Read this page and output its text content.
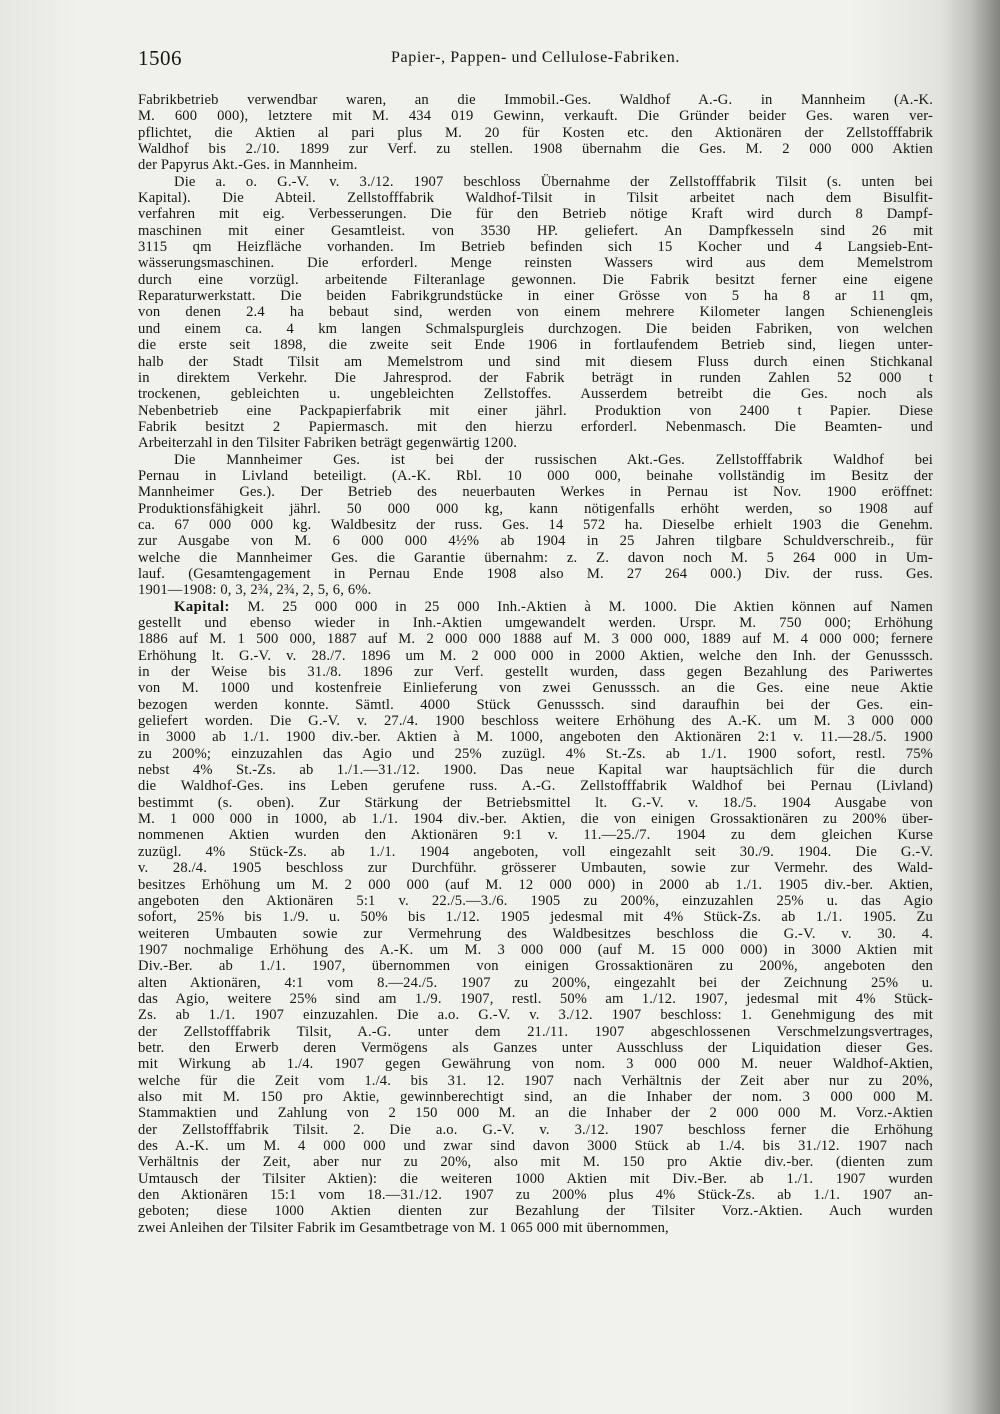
1506	Papier-, Pappen- und Cellulose-Fabriken.
Fabrikbetrieb verwendbar waren, an die Immobil.-Ges. Waldhof A.-G. in Mannheim (A.-K.
M. 600 000), letztere mit M. 434 019 Gewinn, verkauft. Die Gründer beider Ges. waren ver-
pflichtet, die Aktien al pari plus M. 20 für Kosten etc. den Aktionären der Zellstofffabrik
Waldhof bis 2./10. 1899 zur Verf. zu stellen. 1908 übernahm die Ges. M. 2 000 000 Aktien
der Papyrus Akt.-Ges. in Mannheim.
Die a. o. G.-V. v. 3./12. 1907 beschloss Übernahme der Zellstofffabrik Tilsit (s. unten bei
Kapital). Die Abteil. Zellstofffabrik Waldhof-Tilsit in Tilsit arbeitet nach dem Bisulfit-
verfahren mit eig. Verbesserungen. Die für den Betrieb nötige Kraft wird durch 8 Dampf-
maschinen mit einer Gesamtleist. von 3530 HP. geliefert. An Dampfkesseln sind 26 mit
3115 qm Heizfläche vorhanden. Im Betrieb befinden sich 15 Kocher und 4 Langsieb-Ent-
wässerungsmaschinen. Die erforderl. Menge reinsten Wassers wird aus dem Memelstrom
durch eine vorzügl. arbeitende Filteranlage gewonnen. Die Fabrik besitzt ferner eine eigene
Reparaturwerkstatt. Die beiden Fabrikgrundstücke in einer Grösse von 5 ha 8 ar 11 qm,
von denen 2.4 ha bebaut sind, werden von einem mehrere Kilometer langen Schienengleis
und einem ca. 4 km langen Schmalspurgleis durchzogen. Die beiden Fabriken, von welchen
die erste seit 1898, die zweite seit Ende 1906 in fortlaufendem Betrieb sind, liegen unter-
halb der Stadt Tilsit am Memelstrom und sind mit diesem Fluss durch einen Stichkanal
in direktem Verkehr. Die Jahresprod. der Fabrik beträgt in runden Zahlen 52 000 t
trockenen, gebleichten u. ungebleichten Zellstoffes. Ausserdem betreibt die Ges. noch als
Nebenbetrieb eine Packpapierfabrik mit einer jährl. Produktion von 2400 t Papier. Diese
Fabrik besitzt 2 Papiermasch. mit den hierzu erforderl. Nebenmasch. Die Beamten- und
Arbeiterzahl in den Tilsiter Fabriken beträgt gegenwärtig 1200.
Die Mannheimer Ges. ist bei der russischen Akt.-Ges. Zellstofffabrik Waldhof bei
Pernau in Livland beteiligt. (A.-K. Rbl. 10 000 000, beinahe vollständig im Besitz der
Mannheimer Ges.). Der Betrieb des neuerbauten Werkes in Pernau ist Nov. 1900 eröffnet:
Produktionsfähigkeit jährl. 50 000 000 kg, kann nötigenfalls erhöht werden, so 1908 auf
ca. 67 000 000 kg. Waldbesitz der russ. Ges. 14 572 ha. Dieselbe erhielt 1903 die Genehm.
zur Ausgabe von M. 6 000 000 4½% ab 1904 in 25 Jahren tilgbare Schuldverschreib., für
welche die Mannheimer Ges. die Garantie übernahm: z. Z. davon noch M. 5 264 000 in Um-
lauf. (Gesamtengagement in Pernau Ende 1908 also M. 27 264 000.) Div. der russ. Ges.
1901—1908: 0, 3, 2¾, 2¾, 2, 5, 6, 6%.
Kapital: M. 25 000 000 in 25 000 Inh.-Aktien à M. 1000. Die Aktien können auf Namen
gestellt und ebenso wieder in Inh.-Aktien umgewandelt werden. Urspr. M. 750 000; Erhöhung
1886 auf M. 1 500 000, 1887 auf M. 2 000 000 1888 auf M. 3 000 000, 1889 auf M. 4 000 000; fernere
Erhöhung lt. G.-V. v. 28./7. 1896 um M. 2 000 000 in 2000 Aktien, welche den Inh. der Genusssch.
in der Weise bis 31./8. 1896 zur Verf. gestellt wurden, dass gegen Bezahlung des Pariwertes
von M. 1000 und kostenfreie Einlieferung von zwei Genusssch. an die Ges. eine neue Aktie
bezogen werden konnte. Sämtl. 4000 Stück Genusssch. sind daraufhin bei der Ges. ein-
geliefert worden. Die G.-V. v. 27./4. 1900 beschloss weitere Erhöhung des A.-K. um M. 3 000 000
in 3000 ab 1./1. 1900 div.-ber. Aktien à M. 1000, angeboten den Aktionären 2:1 v. 11.—28./5. 1900
zu 200%; einzuzahlen das Agio und 25% zuzügl. 4% St.-Zs. ab 1./1. 1900 sofort, restl. 75%
nebst 4% St.-Zs. ab 1./1.—31./12. 1900. Das neue Kapital war hauptsächlich für die durch
die Waldhof-Ges. ins Leben gerufene russ. A.-G. Zellstofffabrik Waldhof bei Pernau (Livland)
bestimmt (s. oben). Zur Stärkung der Betriebsmittel lt. G.-V. v. 18./5. 1904 Ausgabe von
M. 1 000 000 in 1000, ab 1./1. 1904 div.-ber. Aktien, die von einigen Grossaktionären zu 200% über-
nommenen Aktien wurden den Aktionären 9:1 v. 11.—25./7. 1904 zu dem gleichen Kurse
zuzügl. 4% Stück-Zs. ab 1./1. 1904 angeboten, voll eingezahlt seit 30./9. 1904. Die G.-V.
v. 28./4. 1905 beschloss zur Durchführ. grösserer Umbauten, sowie zur Vermehr. des Wald-
besitzes Erhöhung um M. 2 000 000 (auf M. 12 000 000) in 2000 ab 1./1. 1905 div.-ber. Aktien,
angeboten den Aktionären 5:1 v. 22./5.—3./6. 1905 zu 200%, einzuzahlen 25% u. das Agio
sofort, 25% bis 1./9. u. 50% bis 1./12. 1905 jedesmal mit 4% Stück-Zs. ab 1./1. 1905. Zu
weiteren Umbauten sowie zur Vermehrung des Waldbesitzes beschloss die G.-V. v. 30. 4.
1907 nochmalige Erhöhung des A.-K. um M. 3 000 000 (auf M. 15 000 000) in 3000 Aktien mit
Div.-Ber. ab 1./1. 1907, übernommen von einigen Grossaktionären zu 200%, angeboten den
alten Aktionären, 4:1 vom 8.—24./5. 1907 zu 200%, eingezahlt bei der Zeichnung 25% u.
das Agio, weitere 25% sind am 1./9. 1907, restl. 50% am 1./12. 1907, jedesmal mit 4% Stück-
Zs. ab 1./1. 1907 einzuzahlen. Die a.o. G.-V. v. 3./12. 1907 beschloss: 1. Genehmigung des mit
der Zellstofffabrik Tilsit, A.-G. unter dem 21./11. 1907 abgeschlossenen Verschmelzungsvertrages,
betr. den Erwerb deren Vermögens als Ganzes unter Ausschluss der Liquidation dieser Ges.
mit Wirkung ab 1./4. 1907 gegen Gewährung von nom. 3 000 000 M. neuer Waldhof-Aktien,
welche für die Zeit vom 1./4. bis 31. 12. 1907 nach Verhältnis der Zeit aber nur zu 20%,
also mit M. 150 pro Aktie, gewinnberechtigt sind, an die Inhaber der nom. 3 000 000 M.
Stammaktien und Zahlung von 2 150 000 M. an die Inhaber der 2 000 000 M. Vorz.-Aktien
der Zellstofffabrik Tilsit. 2. Die a.o. G.-V. v. 3./12. 1907 beschloss ferner die Erhöhung
des A.-K. um M. 4 000 000 und zwar sind davon 3000 Stück ab 1./4. bis 31./12. 1907 nach
Verhältnis der Zeit, aber nur zu 20%, also mit M. 150 pro Aktie div.-ber. (dienten zum
Umtausch der Tilsiter Aktien): die weiteren 1000 Aktien mit Div.-Ber. ab 1./1. 1907 wurden
den Aktionären 15:1 vom 18.—31./12. 1907 zu 200% plus 4% Stück-Zs. ab 1./1. 1907 an-
geboten; diese 1000 Aktien dienten zur Bezahlung der Tilsiter Vorz.-Aktien. Auch wurden
zwei Anleihen der Tilsiter Fabrik im Gesamtbetrage von M. 1 065 000 mit übernommen,
